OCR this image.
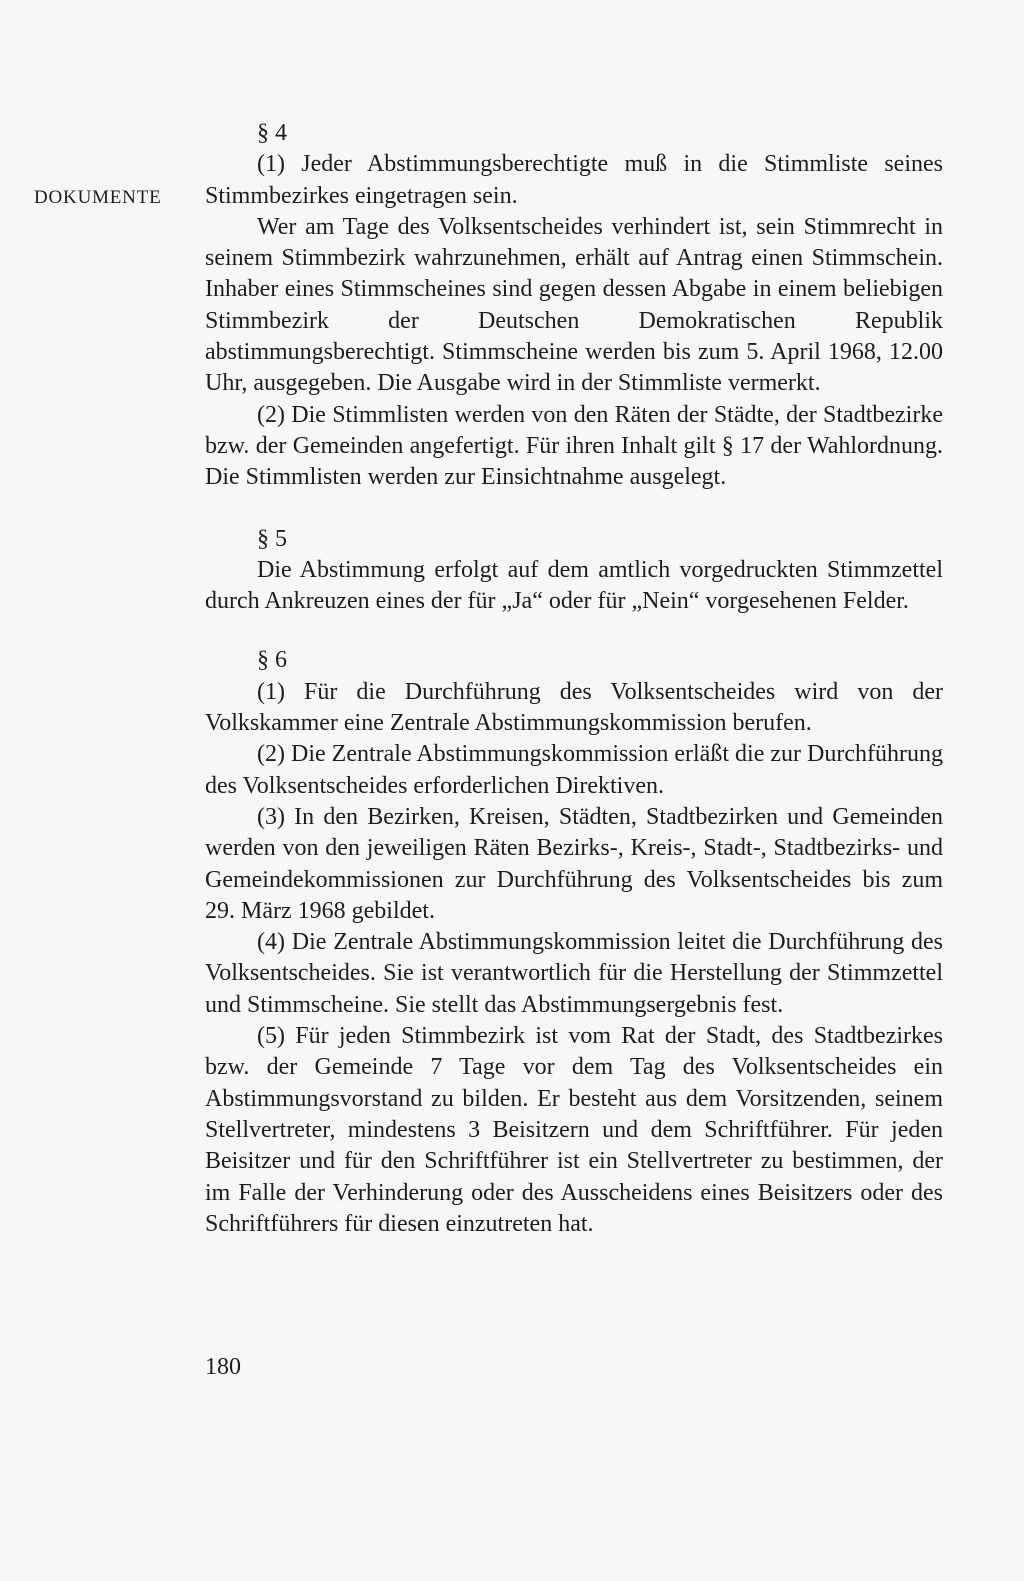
DOKUMENTE

§ 4

(1) Jeder Abstimmungsberechtigte muß in die Stimmliste seines Stimmbezirkes eingetragen sein.

Wer am Tage des Volksentscheides verhindert ist, sein Stimmrecht in seinem Stimmbezirk wahrzunehmen, erhält auf Antrag einen Stimmschein. Inhaber eines Stimmscheines sind gegen dessen Abgabe in einem beliebigen Stimmbezirk der Deutschen Demokratischen Republik abstimmungsberechtigt. Stimmscheine werden bis zum 5. April 1968, 12.00 Uhr, ausgegeben. Die Ausgabe wird in der Stimmliste vermerkt.

(2) Die Stimmlisten werden von den Räten der Städte, der Stadtbezirke bzw. der Gemeinden angefertigt. Für ihren Inhalt gilt § 17 der Wahlordnung. Die Stimmlisten werden zur Einsichtnahme ausgelegt.

§ 5

Die Abstimmung erfolgt auf dem amtlich vorgedruckten Stimmzettel durch Ankreuzen eines der für „Ja“ oder für „Nein“ vorgesehenen Felder.

§ 6

(1) Für die Durchführung des Volksentscheides wird von der Volkskammer eine Zentrale Abstimmungskommission berufen.

(2) Die Zentrale Abstimmungskommission erläßt die zur Durchführung des Volksentscheides erforderlichen Direktiven.

(3) In den Bezirken, Kreisen, Städten, Stadtbezirken und Gemeinden werden von den jeweiligen Räten Bezirks-, Kreis-, Stadt-, Stadtbezirks- und Gemeindekommissionen zur Durchführung des Volksentscheides bis zum 29. März 1968 gebildet.

(4) Die Zentrale Abstimmungskommission leitet die Durchführung des Volksentscheides. Sie ist verantwortlich für die Herstellung der Stimmzettel und Stimmscheine. Sie stellt das Abstimmungsergebnis fest.

(5) Für jeden Stimmbezirk ist vom Rat der Stadt, des Stadtbezirkes bzw. der Gemeinde 7 Tage vor dem Tag des Volksentscheides ein Abstimmungsvorstand zu bilden. Er besteht aus dem Vorsitzenden, seinem Stellvertreter, mindestens 3 Beisitzern und dem Schriftführer. Für jeden Beisitzer und für den Schriftführer ist ein Stellvertreter zu bestimmen, der im Falle der Verhinderung oder des Ausscheidens eines Beisitzers oder des Schriftführers für diesen einzutreten hat.

180
